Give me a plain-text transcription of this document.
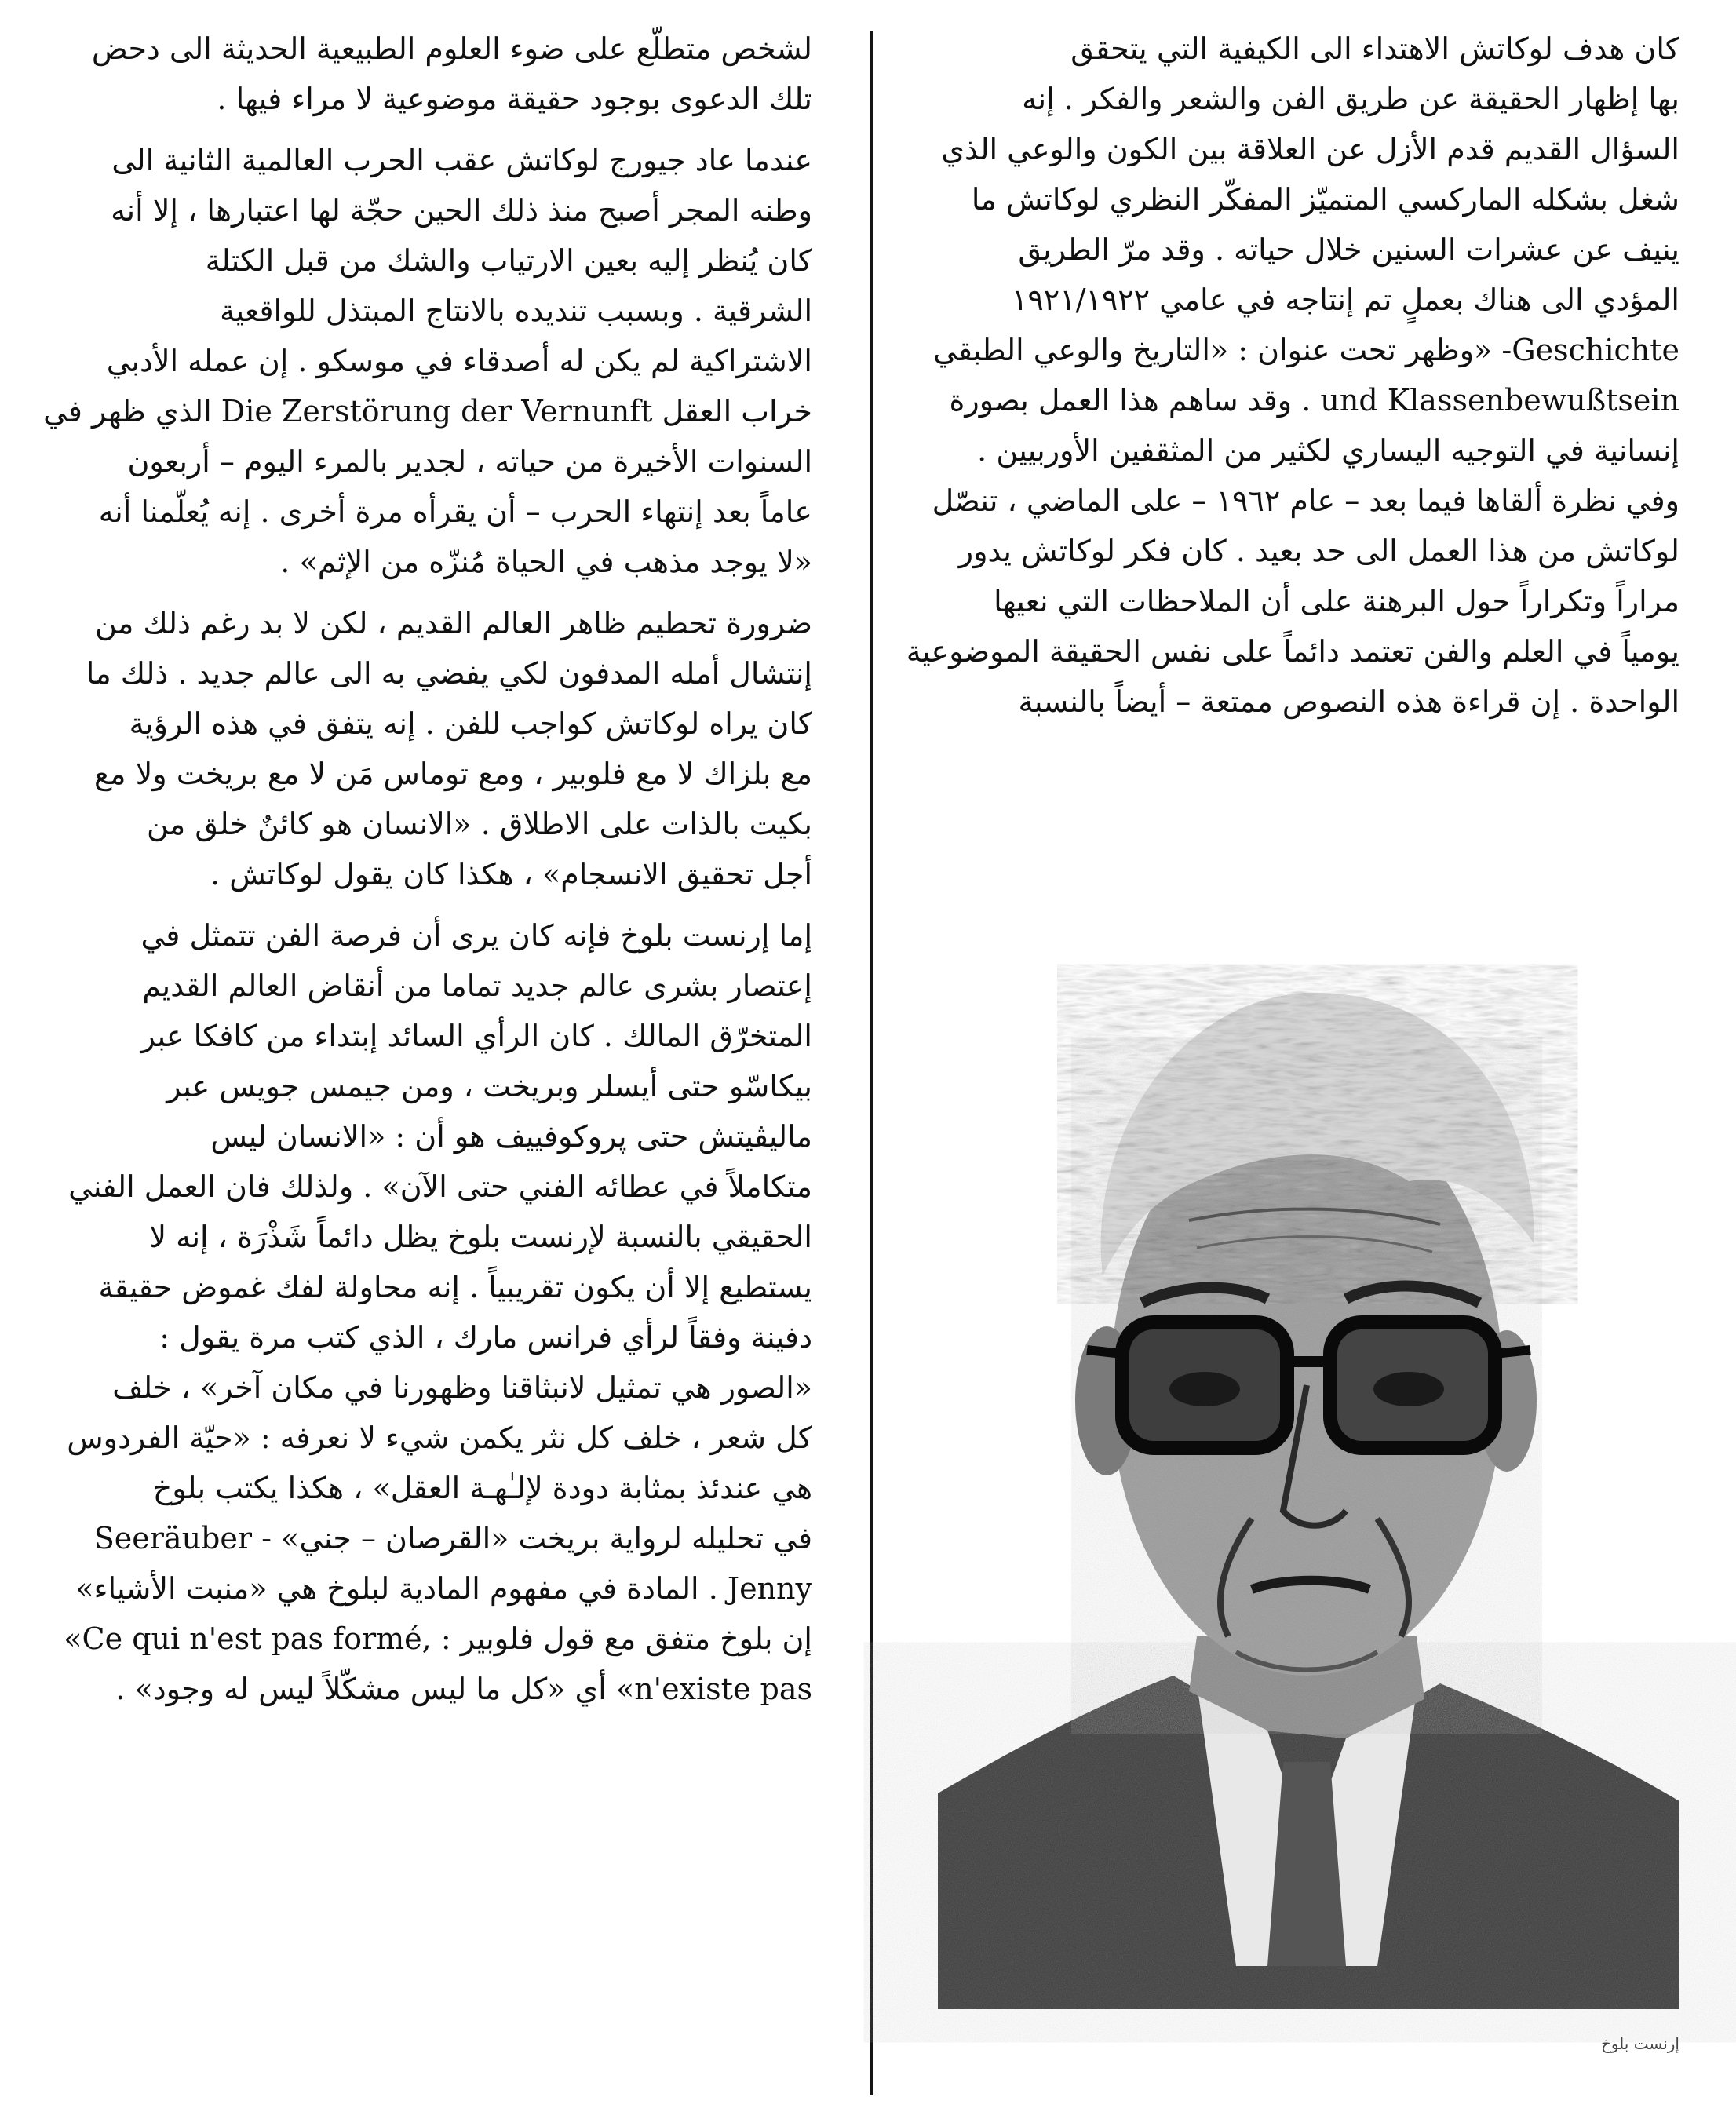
كان هدف لوكاتش الاهتداء الى الكيفية التي يتحقق
بها إظهار الحقيقة عن طريق الفن والشعر والفكر . إنه
السؤال القديم قدم الأزل عن العلاقة بين الكون والوعي الذي
شغل بشكله الماركسي المتميّز المفكّر النظري لوكاتش ما
ينيف عن عشرات السنين خلال حياته . وقد مرّ الطريق
المؤدي الى هناك بعملٍ تم إنتاجه في عامي ١٩٢١/١٩٢٢
Geschichte- «وظهر تحت عنوان : «التاريخ والوعي الطبقي
und Klassenbewußtsein . وقد ساهم هذا العمل بصورة
إنسانية في التوجيه اليساري لكثير من المثقفين الأوربيين .
وفي نظرة ألقاها فيما بعد – عام ١٩٦٢ – على الماضي ، تنصّل
لوكاتش من هذا العمل الى حد بعيد . كان فكر لوكاتش يدور
مراراً وتكراراً حول البرهنة على أن الملاحظات التي نعيها
يومياً في العلم والفن تعتمد دائماً على نفس الحقيقة الموضوعية
الواحدة . إن قراءة هذه النصوص ممتعة – أيضاً بالنسبة
لشخص متطلّع على ضوء العلوم الطبيعية الحديثة الى دحض
تلك الدعوى بوجود حقيقة موضوعية لا مراء فيها .
عندما عاد جيورج لوكاتش عقب الحرب العالمية الثانية الى
وطنه المجر أصبح منذ ذلك الحين حجّة لها اعتبارها ، إلا أنه
كان يُنظر إليه بعين الارتياب والشك من قبل الكتلة
الشرقية . وبسبب تنديده بالانتاج المبتذل للواقعية
الاشتراكية لم يكن له أصدقاء في موسكو . إن عمله الأدبي
خراب العقل Die Zerstörung der Vernunft الذي ظهر في
السنوات الأخيرة من حياته ، لجدير بالمرء اليوم – أربعون
عاماً بعد إنتهاء الحرب – أن يقرأه مرة أخرى . إنه يُعلّمنا أنه
«لا يوجد مذهب في الحياة مُنزّه من الإثم» .
ضرورة تحطيم ظاهر العالم القديم ، لكن لا بد رغم ذلك من
إنتشال أمله المدفون لكي يفضي به الى عالم جديد . ذلك ما
كان يراه لوكاتش كواجب للفن . إنه يتفق في هذه الرؤية
مع بلزاك لا مع فلوبير ، ومع توماس مَن لا مع بريخت ولا مع
بكيت بالذات على الاطلاق . «الانسان هو كائنٌ خلق من
أجل تحقيق الانسجام» ، هكذا كان يقول لوكاتش .
إما إرنست بلوخ فإنه كان يرى أن فرصة الفن تتمثل في
إعتصار بشرى عالم جديد تماما من أنقاض العالم القديم
المتخرّق المالك . كان الرأي السائد إبتداء من كافكا عبر
بيكاسّو حتى أيسلر وبريخت ، ومن جيمس جويس عبر
ماليڤيتش حتى پروكوفييف هو أن : «الانسان ليس
متكاملاً في عطائه الفني حتى الآن» . ولذلك فان العمل الفني
الحقيقي بالنسبة لإرنست بلوخ يظل دائماً شَذْرَة ، إنه لا
يستطيع إلا أن يكون تقريبياً . إنه محاولة لفك غموض حقيقة
دفينة وفقاً لرأي فرانس مارك ، الذي كتب مرة يقول :
«الصور هي تمثيل لانبثاقنا وظهورنا في مكان آخر» ، خلف
كل شعر ، خلف كل نثر يكمن شيء لا نعرفه : «حيّة الفردوس
هي عندئذ بمثابة دودة لإلـٰهـة العقل» ، هكذا يكتب بلوخ
في تحليله لرواية بريخت «القرصان – جني» - Seeräuber
Jenny . المادة في مفهوم المادية لبلوخ هي «منبت الأشياء»
إن بلوخ متفق مع قول فلوبير : ,Ce qui n'est pas formé»
n'existe pas» أي «كل ما ليس مشكّلاً ليس له وجود» .
إرنست بلوخ
